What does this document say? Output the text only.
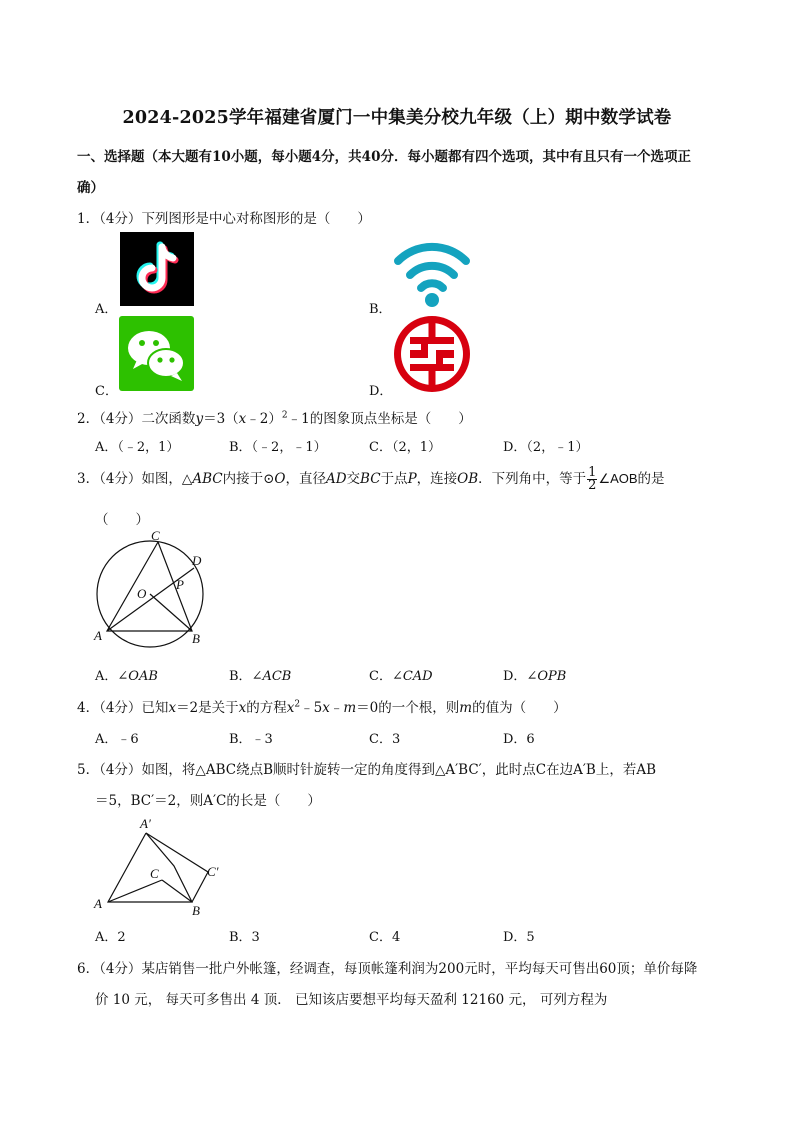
2024-2025学年福建省厦门一中集美分校九年级（上）期中数学试卷
一、选择题（本大题有10小题，每小题4分，共40分．每小题都有四个选项，其中有且只有一个选项正
确）
1．（4分）下列图形是中心对称图形的是（　　）
A．	B．
C．	D．
2．（4分）二次函数y＝3（x﹣2）$^2$﹣1的图象顶点坐标是（　　）
A．（﹣2，1）	B．（﹣2，﹣1）	C．（2，1）	D．（2，﹣1）
3．（4分）如图，△ABC内接于⊙O，直径AD交BC于点P，连接OB．下列角中，等于 $\frac{1}{2}$ ∠AOB的是
（　　）
C
D
P
O
A	B
A．∠OAB	B．∠ACB	C．∠CAD	D．∠OPB
4．（4分）已知x＝2是关于x的方程$x^2﹣5x﹣m=0$的一个根，则m的值为（　　）
A．﹣6	B．﹣3	C．3	D．6
5．（4分）如图，将△ABC绕点B顺时针旋转一定的角度得到△A′BC′，此时点C在边A′B上，若AB
＝5，BC′＝2，则A′C的长是（　　）
A′
C	C′
A	B
A．2	B．3	C．4	D．5
6．（4分）某店销售一批户外帐篷，经调查，每顶帐篷利润为200元时，平均每天可售出60顶；单价每降
价 10 元， 每天可多售出 4 顶． 已知该店要想平均每天盈利 12160 元， 可列方程为
